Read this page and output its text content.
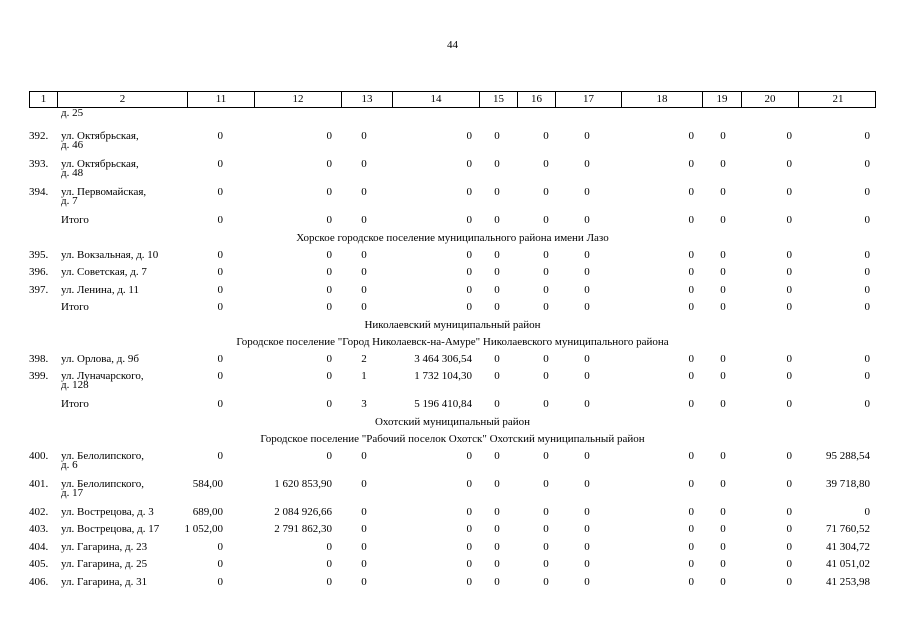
44
1	2	11	12	13	14	15	16	17	18	19	20	21
д. 25
392. ул. Октябрьская,
д. 46
0	0	0	0	0	0	0	0	0	0	0
393. ул. Октябрьская,
д. 48
0	0	0	0	0	0	0	0	0	0	0
394. ул. Первомайская,
д. 7
0	0	0	0	0	0	0	0	0	0	0
Итого	0	0	0	0	0	0	0	0	0	0	0
Хорское городское поселение муниципального района имени Лазо
395. ул. Вокзальная, д. 10	0	0	0	0	0	0	0	0	0	0	0
396. ул. Советская, д. 7	0	0	0	0	0	0	0	0	0	0	0
397. ул. Ленина, д. 11	0	0	0	0	0	0	0	0	0	0	0
Итого	0	0	0	0	0	0	0	0	0	0	0
Николаевский муниципальный район
Городское поселение "Город Николаевск-на-Амуре" Николаевского муниципального района
398. ул. Орлова, д. 9б	0	0	2	3 464 306,54	0	0	0	0	0	0	0
399. ул. Луначарского,
д. 128
0	0	1	1 732 104,30	0	0	0	0	0	0	0
Итого	0	0	3	5 196 410,84	0	0	0	0	0	0	0
Охотский муниципальный район
Городское поселение "Рабочий поселок Охотск" Охотский муниципальный район
400. ул. Белолипского,
д. 6
0	0	0	0	0	0	0	0	0	0	95 288,54
401. ул. Белолипского,
д. 17
584,00	1 620 853,90	0	0	0	0	0	0	0	0	39 718,80
402. ул. Вострецова, д. 3	689,00	2 084 926,66	0	0	0	0	0	0	0	0	0
403. ул. Вострецова, д. 17 1 052,00	2 791 862,30	0	0	0	0	0	0	0	0	71 760,52
404. ул. Гагарина, д. 23	0	0	0	0	0	0	0	0	0	0	41 304,72
405. ул. Гагарина, д. 25	0	0	0	0	0	0	0	0	0	0	41 051,02
406. ул. Гагарина, д. 31	0	0	0	0	0	0	0	0	0	0	41 253,98
